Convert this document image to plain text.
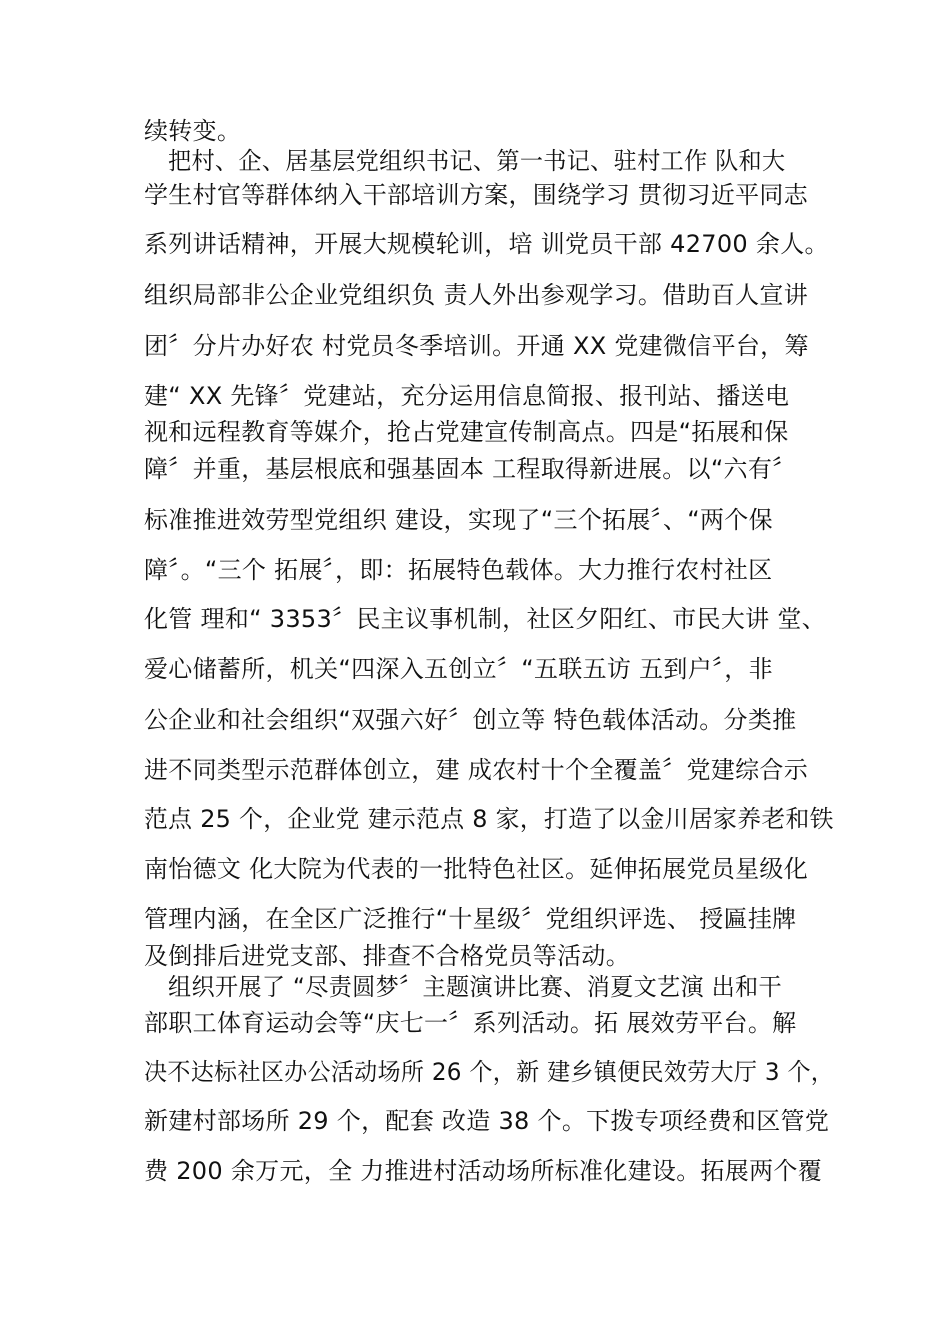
续转变。
把村、企、居基层党组织书记、第一书记、驻村工作 队和大
学生村官等群体纳入干部培训方案，围绕学习 贯彻习近平同志
系列讲话精神，开展大规模轮训，培 训党员干部 42700 余人。
组织局部非公企业党组织负 责人外出参观学习。借助百人宣讲
团〞分片办好农 村党员冬季培训。开通 XX 党建微信平台，筹
建“ XX 先锋〞党建站，充分运用信息简报、报刊站、播送电
视和远程教育等媒介，抢占党建宣传制高点。四是“拓展和保
障〞并重，基层根底和强基固本 工程取得新进展。以“六有〞
标准推进效劳型党组织 建设，实现了“三个拓展〞、“两个保
障〞。“三个 拓展〞，即：拓展特色载体。大力推行农村社区
化管 理和“ 3353〞民主议事机制，社区夕阳红、市民大讲 堂、
爱心储蓄所，机关“四深入五创立〞“五联五访 五到户〞，非
公企业和社会组织“双强六好〞创立等 特色载体活动。分类推
进不同类型示范群体创立，建 成农村十个全覆盖〞党建综合示
范点 25 个，企业党 建示范点 8 家，打造了以金川居家养老和铁
南怡德文 化大院为代表的一批特色社区。延伸拓展党员星级化
管理内涵，在全区广泛推行“十星级〞党组织评选、 授匾挂牌
及倒排后进党支部、排查不合格党员等活动。
组织开展了 “尽责圆梦〞主题演讲比赛、消夏文艺演 出和干
部职工体育运动会等“庆七一〞系列活动。拓 展效劳平台。解
决不达标社区办公活动场所 26 个，新 建乡镇便民效劳大厅 3 个，
新建村部场所 29 个，配套 改造 38 个。下拨专项经费和区管党
费 200 余万元，全 力推进村活动场所标准化建设。拓展两个覆
